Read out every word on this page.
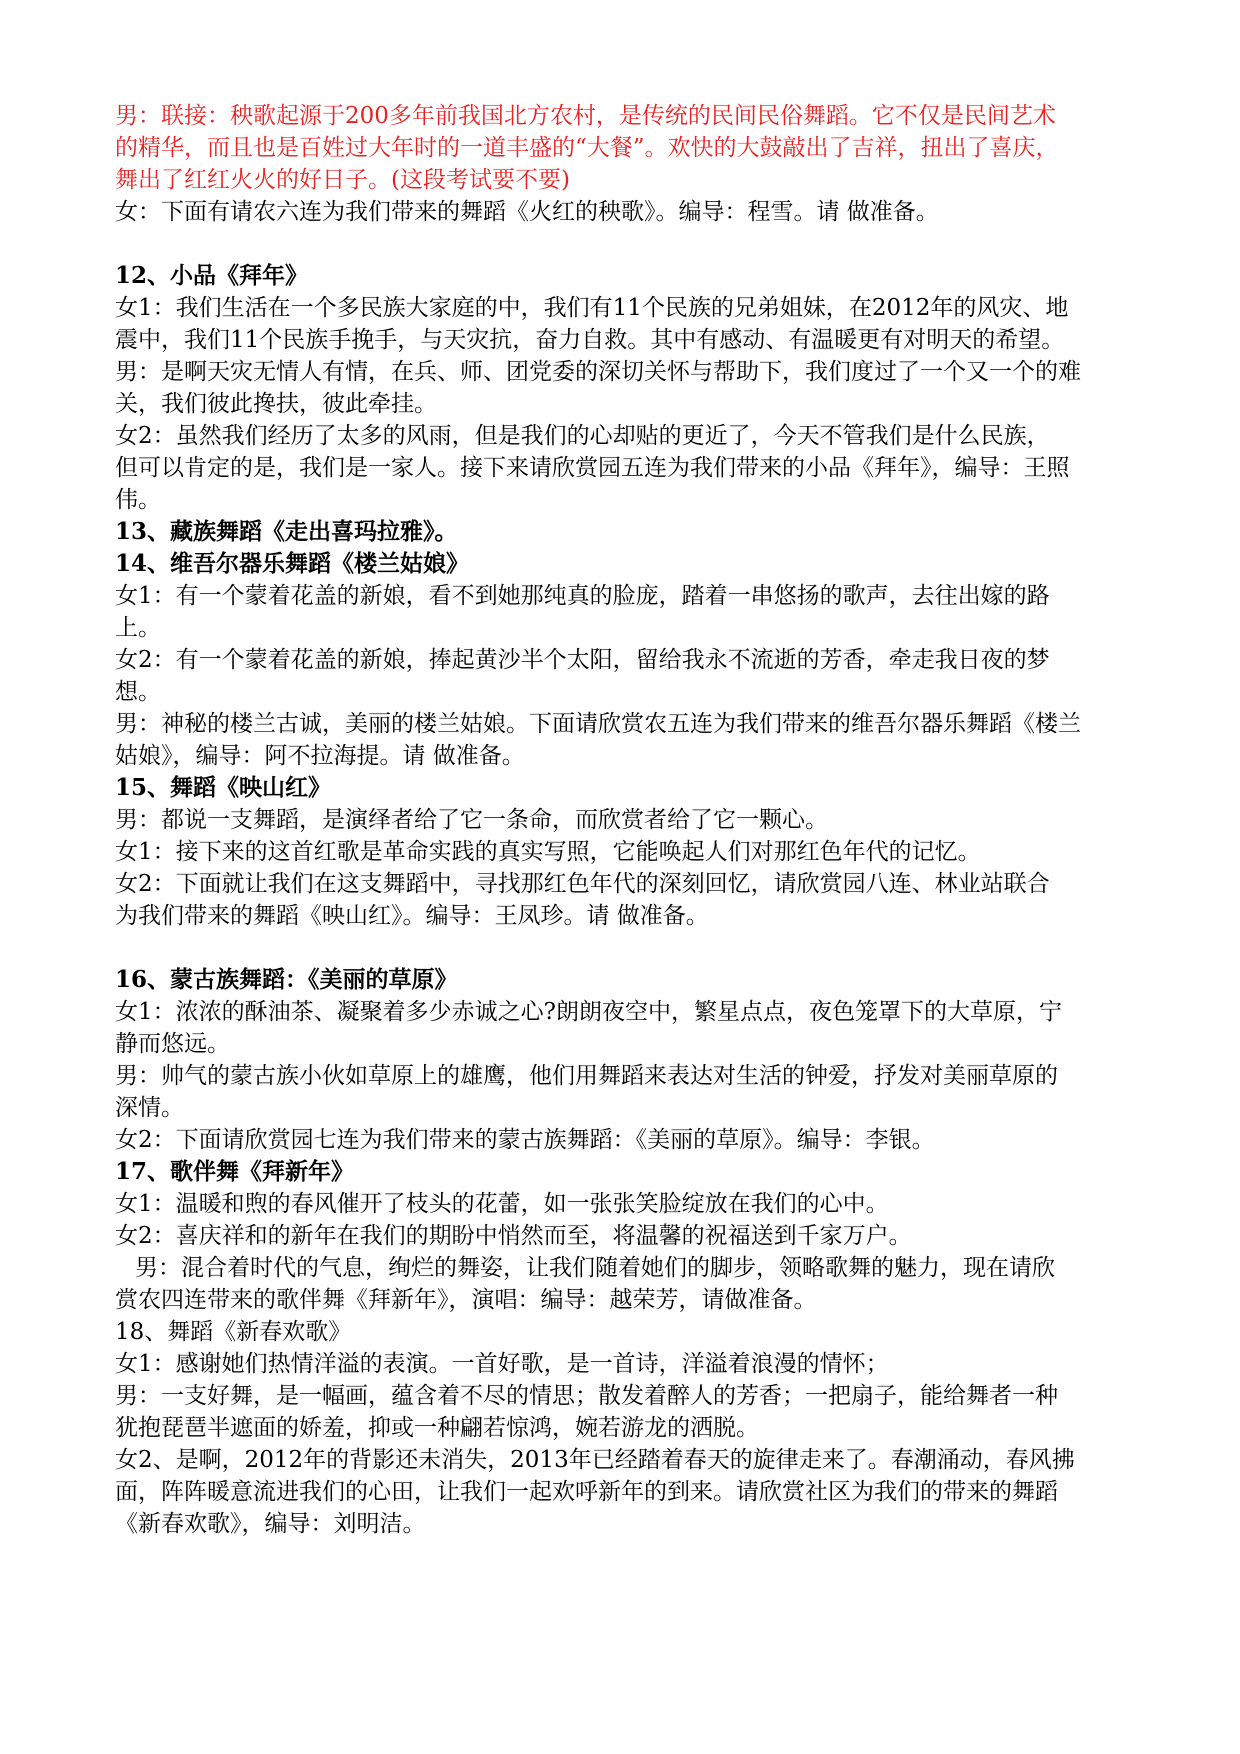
男：联接：秧歌起源于200多年前我国北方农村，是传统的民间民俗舞蹈。它不仅是民间艺术

的精华，而且也是百姓过大年时的一道丰盛的“大餐”。欢快的大鼓敲出了吉祥，扭出了喜庆，

舞出了红红火火的好日子。(这段考试要不要)

女：下面有请农六连为我们带来的舞蹈《火红的秧歌》。编导：程雪。请 做准备。

12、小品《拜年》

女1：我们生活在一个多民族大家庭的中，我们有11个民族的兄弟姐妹，在2012年的风灾、地

震中，我们11个民族手挽手，与天灾抗，奋力自救。其中有感动、有温暖更有对明天的希望。

男：是啊天灾无情人有情，在兵、师、团党委的深切关怀与帮助下，我们度过了一个又一个的难

关，我们彼此搀扶，彼此牵挂。

女2：虽然我们经历了太多的风雨，但是我们的心却贴的更近了，今天不管我们是什么民族，

但可以肯定的是，我们是一家人。接下来请欣赏园五连为我们带来的小品《拜年》，编导：王照

伟。

13、藏族舞蹈《走出喜玛拉雅》。

14、维吾尔器乐舞蹈《楼兰姑娘》

女1：有一个蒙着花盖的新娘，看不到她那纯真的脸庞，踏着一串悠扬的歌声，去往出嫁的路

上。

女2：有一个蒙着花盖的新娘，捧起黄沙半个太阳，留给我永不流逝的芳香，牵走我日夜的梦

想。

男：神秘的楼兰古诚，美丽的楼兰姑娘。下面请欣赏农五连为我们带来的维吾尔器乐舞蹈《楼兰

姑娘》，编导：阿不拉海提。请 做准备。

15、舞蹈《映山红》

男：都说一支舞蹈，是演绎者给了它一条命，而欣赏者给了它一颗心。

女1：接下来的这首红歌是革命实践的真实写照，它能唤起人们对那红色年代的记忆。

女2：下面就让我们在这支舞蹈中，寻找那红色年代的深刻回忆，请欣赏园八连、林业站联合

为我们带来的舞蹈《映山红》。编导：王凤珍。请 做准备。

16、蒙古族舞蹈：《美丽的草原》

女1：浓浓的酥油茶、凝聚着多少赤诚之心?朗朗夜空中，繁星点点，夜色笼罩下的大草原，宁

静而悠远。

男：帅气的蒙古族小伙如草原上的雄鹰，他们用舞蹈来表达对生活的钟爱，抒发对美丽草原的

深情。

女2：下面请欣赏园七连为我们带来的蒙古族舞蹈：《美丽的草原》。编导：李银。

17、歌伴舞《拜新年》

女1：温暖和煦的春风催开了枝头的花蕾，如一张张笑脸绽放在我们的心中。

女2：喜庆祥和的新年在我们的期盼中悄然而至，将温馨的祝福送到千家万户。

男：混合着时代的气息，绚烂的舞姿，让我们随着她们的脚步，领略歌舞的魅力，现在请欣

赏农四连带来的歌伴舞《拜新年》，演唱：编导：越荣芳，请做准备。

18、舞蹈《新春欢歌》

女1：感谢她们热情洋溢的表演。一首好歌，是一首诗，洋溢着浪漫的情怀；

男：一支好舞，是一幅画，蕴含着不尽的情思；散发着醉人的芳香；一把扇子，能给舞者一种

犹抱琵琶半遮面的娇羞，抑或一种翩若惊鸿，婉若游龙的洒脱。

女2、是啊，2012年的背影还未消失，2013年已经踏着春天的旋律走来了。春潮涌动，春风拂

面，阵阵暖意流进我们的心田，让我们一起欢呼新年的到来。请欣赏社区为我们的带来的舞蹈

《新春欢歌》，编导：刘明洁。
